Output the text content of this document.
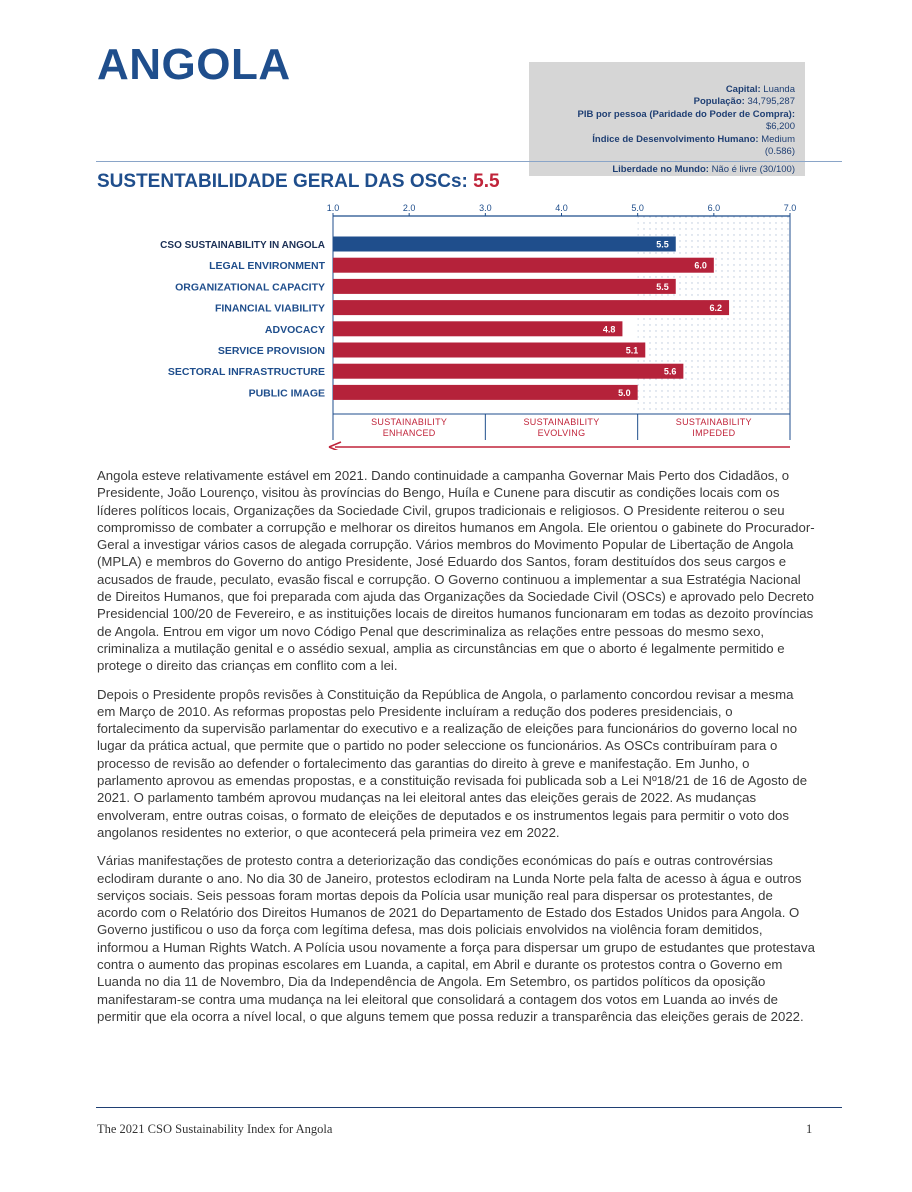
ANGOLA
Capital: Luanda
População: 34,795,287
PIB por pessoa (Paridade do Poder de Compra):
$6,200
Índice de Desenvolvimento Humano: Medium
(0.586)
Liberdade no Mundo: Não é livre (30/100)
SUSTENTABILIDADE GERAL DAS OSCs: 5.5
1.0	2.0	3.0	4.0	5.0	6.0	7.0
CSO SUSTAINABILITY IN ANGOLA	5.5
LEGAL ENVIRONMENT	6.0
ORGANIZATIONAL CAPACITY	5.5
FINANCIAL VIABILITY	6.2
ADVOCACY	4.8
SERVICE PROVISION	5.1
SECTORAL INFRASTRUCTURE	5.6
PUBLIC IMAGE	5.0
SUSTAINABILITY
ENHANCED
SUSTAINABILITY
EVOLVING
SUSTAINABILITY
IMPEDED

Angola esteve relativamente estável em 2021. Dando continuidade a campanha Governar Mais Perto dos Cidadãos, o Presidente, João Lourenço, visitou às províncias do Bengo, Huíla e Cunene para discutir as condições locais com os líderes políticos locais, Organizações da Sociedade Civil, grupos tradicionais e religiosos. O Presidente reiterou o seu compromisso de combater a corrupção e melhorar os direitos humanos em Angola. Ele orientou o gabinete do Procurador-Geral a investigar vários casos de alegada corrupção. Vários membros do Movimento Popular de Libertação de Angola (MPLA) e membros do Governo do antigo Presidente, José Eduardo dos Santos, foram destituídos dos seus cargos e acusados de fraude, peculato, evasão fiscal e corrupção. O Governo continuou a implementar a sua Estratégia Nacional de Direitos Humanos, que foi preparada com ajuda das Organizações da Sociedade Civil (OSCs) e aprovado pelo Decreto Presidencial 100/20 de Fevereiro, e as instituições locais de direitos humanos funcionaram em todas as dezoito províncias de Angola. Entrou em vigor um novo Código Penal que descriminaliza as relações entre pessoas do mesmo sexo, criminaliza a mutilação genital e o assédio sexual, amplia as circunstâncias em que o aborto é legalmente permitido e protege o direito das crianças em conflito com a lei.

Depois o Presidente propôs revisões à Constituição da República de Angola, o parlamento concordou revisar a mesma em Março de 2010. As reformas propostas pelo Presidente incluíram a redução dos poderes presidenciais, o fortalecimento da supervisão parlamentar do executivo e a realização de eleições para funcionários do governo local no lugar da prática actual, que permite que o partido no poder seleccione os funcionários. As OSCs contribuíram para o processo de revisão ao defender o fortalecimento das garantias do direito à greve e manifestação. Em Junho, o parlamento aprovou as emendas propostas, e a constituição revisada foi publicada sob a Lei Nº18/21 de 16 de Agosto de 2021. O parlamento também aprovou mudanças na lei eleitoral antes das eleições gerais de 2022. As mudanças envolveram, entre outras coisas, o formato de eleições de deputados e os instrumentos legais para permitir o voto dos angolanos residentes no exterior, o que acontecerá pela primeira vez em 2022.

Várias manifestações de protesto contra a deteriorização das condições económicas do país e outras controvérsias eclodiram durante o ano. No dia 30 de Janeiro, protestos eclodiram na Lunda Norte pela falta de acesso à água e outros serviços sociais. Seis pessoas foram mortas depois da Polícia usar munição real para dispersar os protestantes, de acordo com o Relatório dos Direitos Humanos de 2021 do Departamento de Estado dos Estados Unidos para Angola. O Governo justificou o uso da força com legítima defesa, mas dois policiais envolvidos na violência foram demitidos, informou a Human Rights Watch. A Polícia usou novamente a força para dispersar um grupo de estudantes que protestava contra o aumento das propinas escolares em Luanda, a capital, em Abril e durante os protestos contra o Governo em Luanda no dia 11 de Novembro, Dia da Independência de Angola. Em Setembro, os partidos políticos da oposição manifestaram-se contra uma mudança na lei eleitoral que consolidará a contagem dos votos em Luanda ao invés de permitir que ela ocorra a nível local, o que alguns temem que possa reduzir a transparência das eleições gerais de 2022.

The 2021 CSO Sustainability Index for Angola	1
